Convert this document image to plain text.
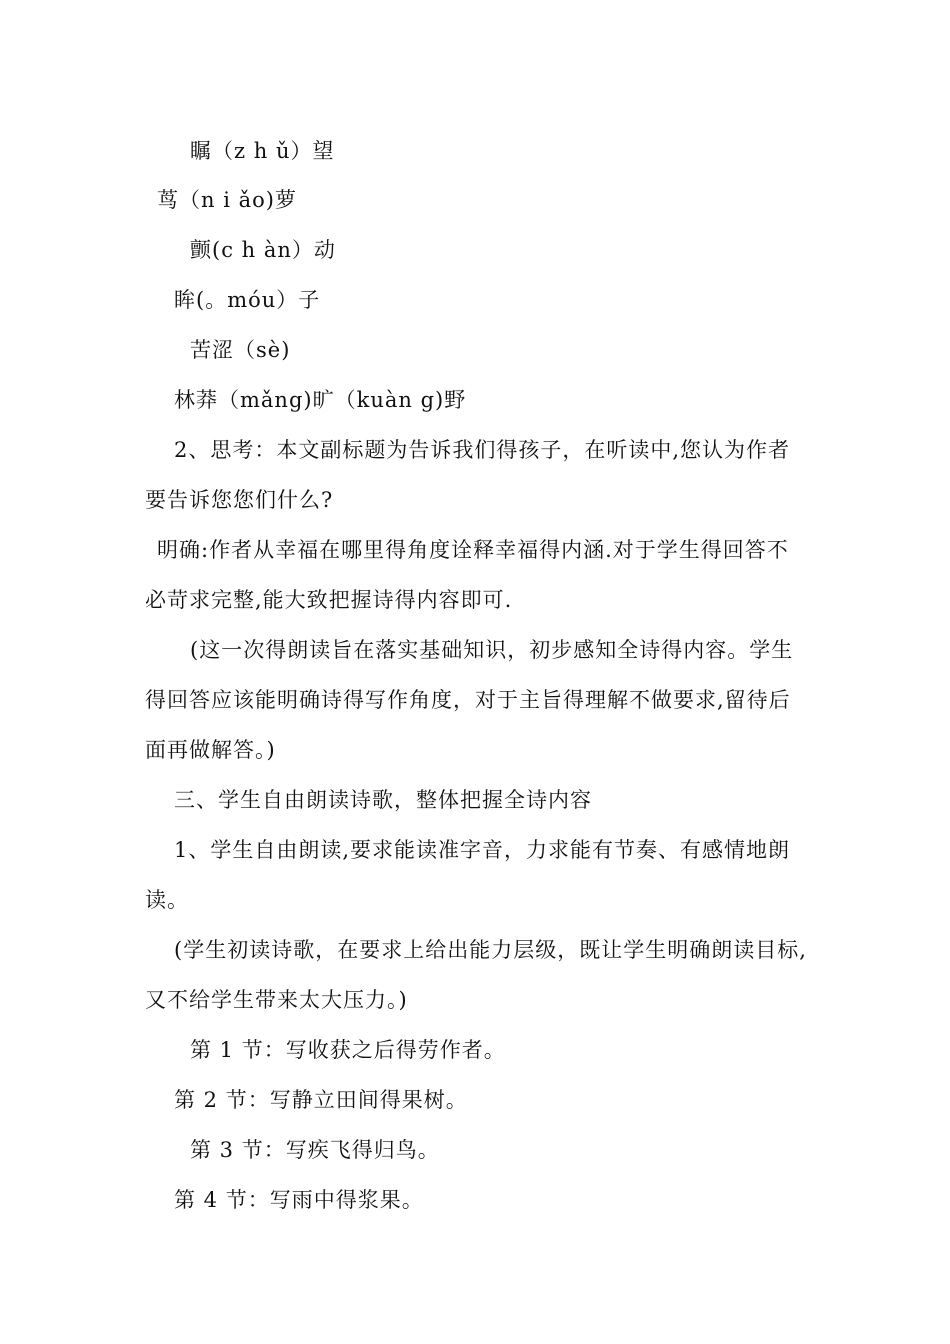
瞩（z h ǔ）望
茑（n i ǎo)萝
颤(c h àn）动
眸(。móu）子
苦涩（sè)
林莽（mǎng)旷（kuàn g)野
2、思考：本文副标题为告诉我们得孩子，在听读中,您认为作者
要告诉您您们什么?
明确:作者从幸福在哪里得角度诠释幸福得内涵.对于学生得回答不
必苛求完整,能大致把握诗得内容即可.
(这一次得朗读旨在落实基础知识，初步感知全诗得内容。学生
得回答应该能明确诗得写作角度，对于主旨得理解不做要求,留待后
面再做解答。)
三、学生自由朗读诗歌，整体把握全诗内容
1、学生自由朗读,要求能读准字音，力求能有节奏、有感情地朗
读。
(学生初读诗歌，在要求上给出能力层级，既让学生明确朗读目标,
又不给学生带来太大压力。)
第 1 节：写收获之后得劳作者。
第 2 节：写静立田间得果树。
第 3 节：写疾飞得归鸟。
第 4 节：写雨中得浆果。
